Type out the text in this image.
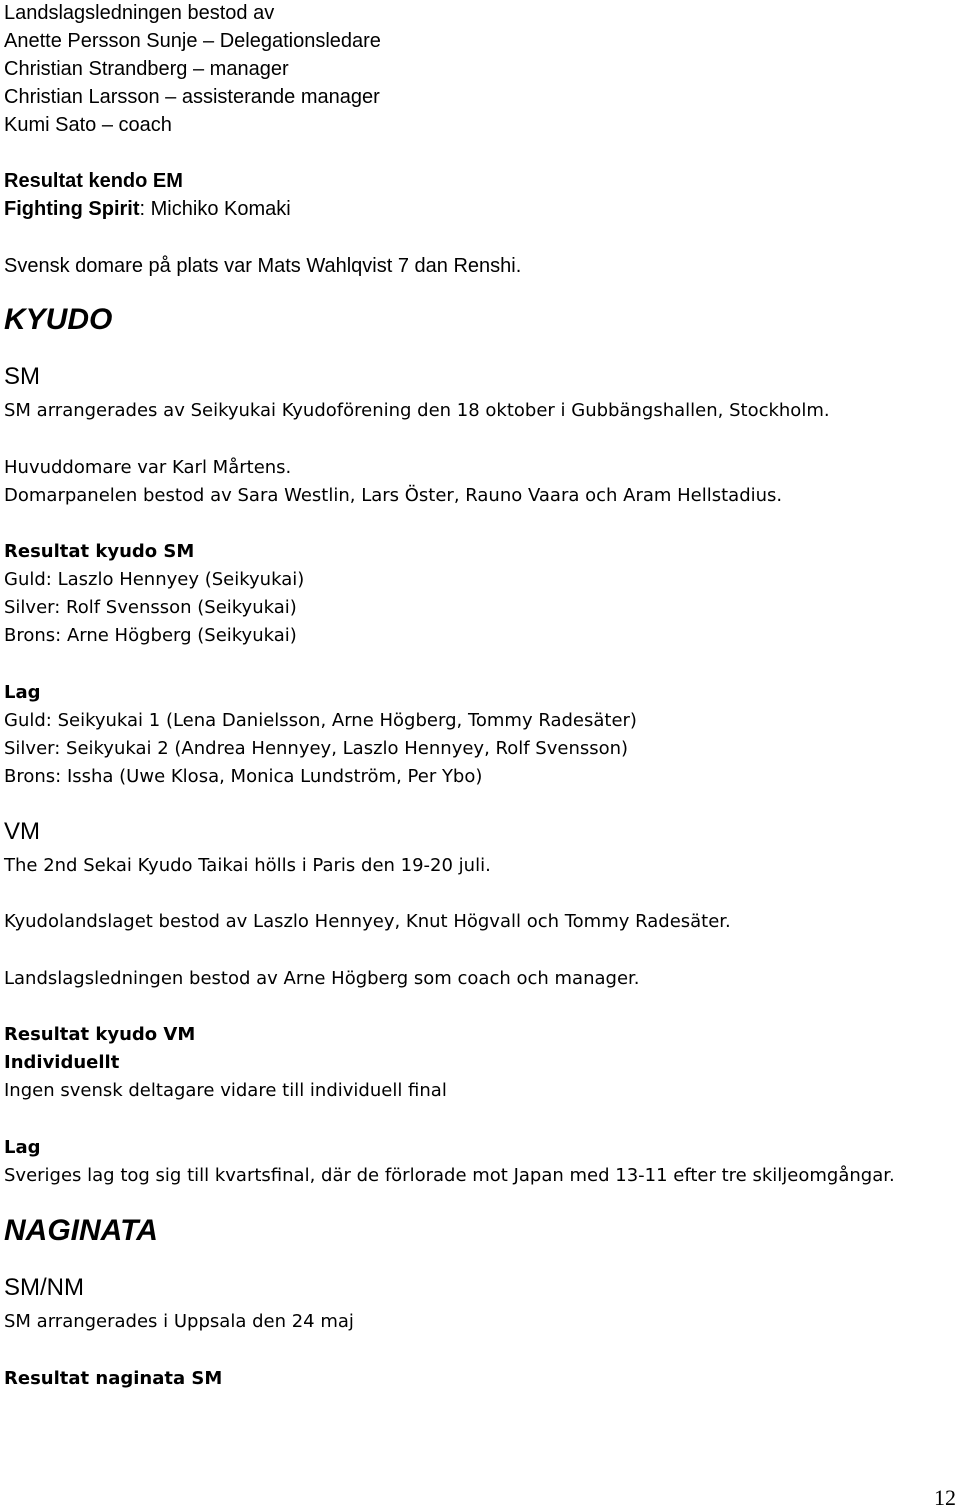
Landslagsledningen bestod av
Anette Persson Sunje – Delegationsledare
Christian Strandberg – manager
Christian Larsson – assisterande manager
Kumi Sato – coach
Resultat kendo EM
Fighting Spirit: Michiko Komaki
Svensk domare på plats var Mats Wahlqvist 7 dan Renshi.
KYUDO
SM
SM arrangerades av Seikyukai Kyudoförening den 18 oktober i Gubbängshallen, Stockholm.
Huvuddomare var Karl Mårtens.
Domarpanelen bestod av Sara Westlin, Lars Öster, Rauno Vaara och Aram Hellstadius.
Resultat kyudo SM
Guld: Laszlo Hennyey (Seikyukai)
Silver: Rolf Svensson (Seikyukai)
Brons: Arne Högberg (Seikyukai)
Lag
Guld: Seikyukai 1 (Lena Danielsson, Arne Högberg, Tommy Radesäter)
Silver: Seikyukai 2 (Andrea Hennyey, Laszlo Hennyey, Rolf Svensson)
Brons: Issha (Uwe Klosa, Monica Lundström, Per Ybo)
VM
The 2nd Sekai Kyudo Taikai hölls i Paris den 19-20 juli.
Kyudolandslaget bestod av Laszlo Hennyey, Knut Högvall och Tommy Radesäter.
Landslagsledningen bestod av Arne Högberg som coach och manager.
Resultat kyudo VM
Individuellt
Ingen svensk deltagare vidare till individuell final
Lag
Sveriges lag tog sig till kvartsfinal, där de förlorade mot Japan med 13-11 efter tre skiljeomgångar.
NAGINATA
SM/NM
SM arrangerades i Uppsala den 24 maj
Resultat naginata SM
12
